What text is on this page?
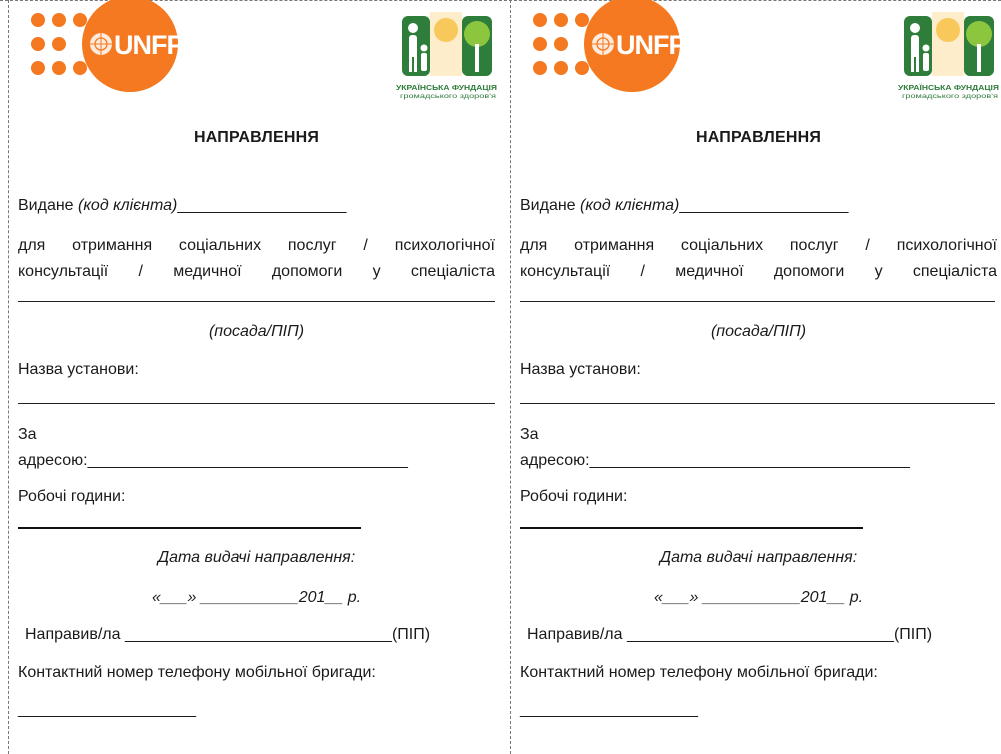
UNFPA
УКРАЇНСЬКА ФУНДАЦІЯ
громадського здоров'я
НАПРАВЛЕННЯ
Видане (код клієнта)___________________
для отримання соціальних послуг / психологічної
консультації / медичної допомоги у спеціаліста
(посада/ПІП)
Назва установи:
За
адресою:____________________________________
Робочі години:
Дата видачі направлення:
«___» ___________201__ р.
Направив/ла ______________________________(ПІП)
Контактний номер телефону мобільної бригади:
____________________
UNFPA
УКРАЇНСЬКА ФУНДАЦІЯ
громадського здоров'я
НАПРАВЛЕННЯ
Видане (код клієнта)___________________
для отримання соціальних послуг / психологічної
консультації / медичної допомоги у спеціаліста
(посада/ПІП)
Назва установи:
За
адресою:____________________________________
Робочі години:
Дата видачі направлення:
«___» ___________201__ р.
Направив/ла ______________________________(ПІП)
Контактний номер телефону мобільної бригади:
____________________
